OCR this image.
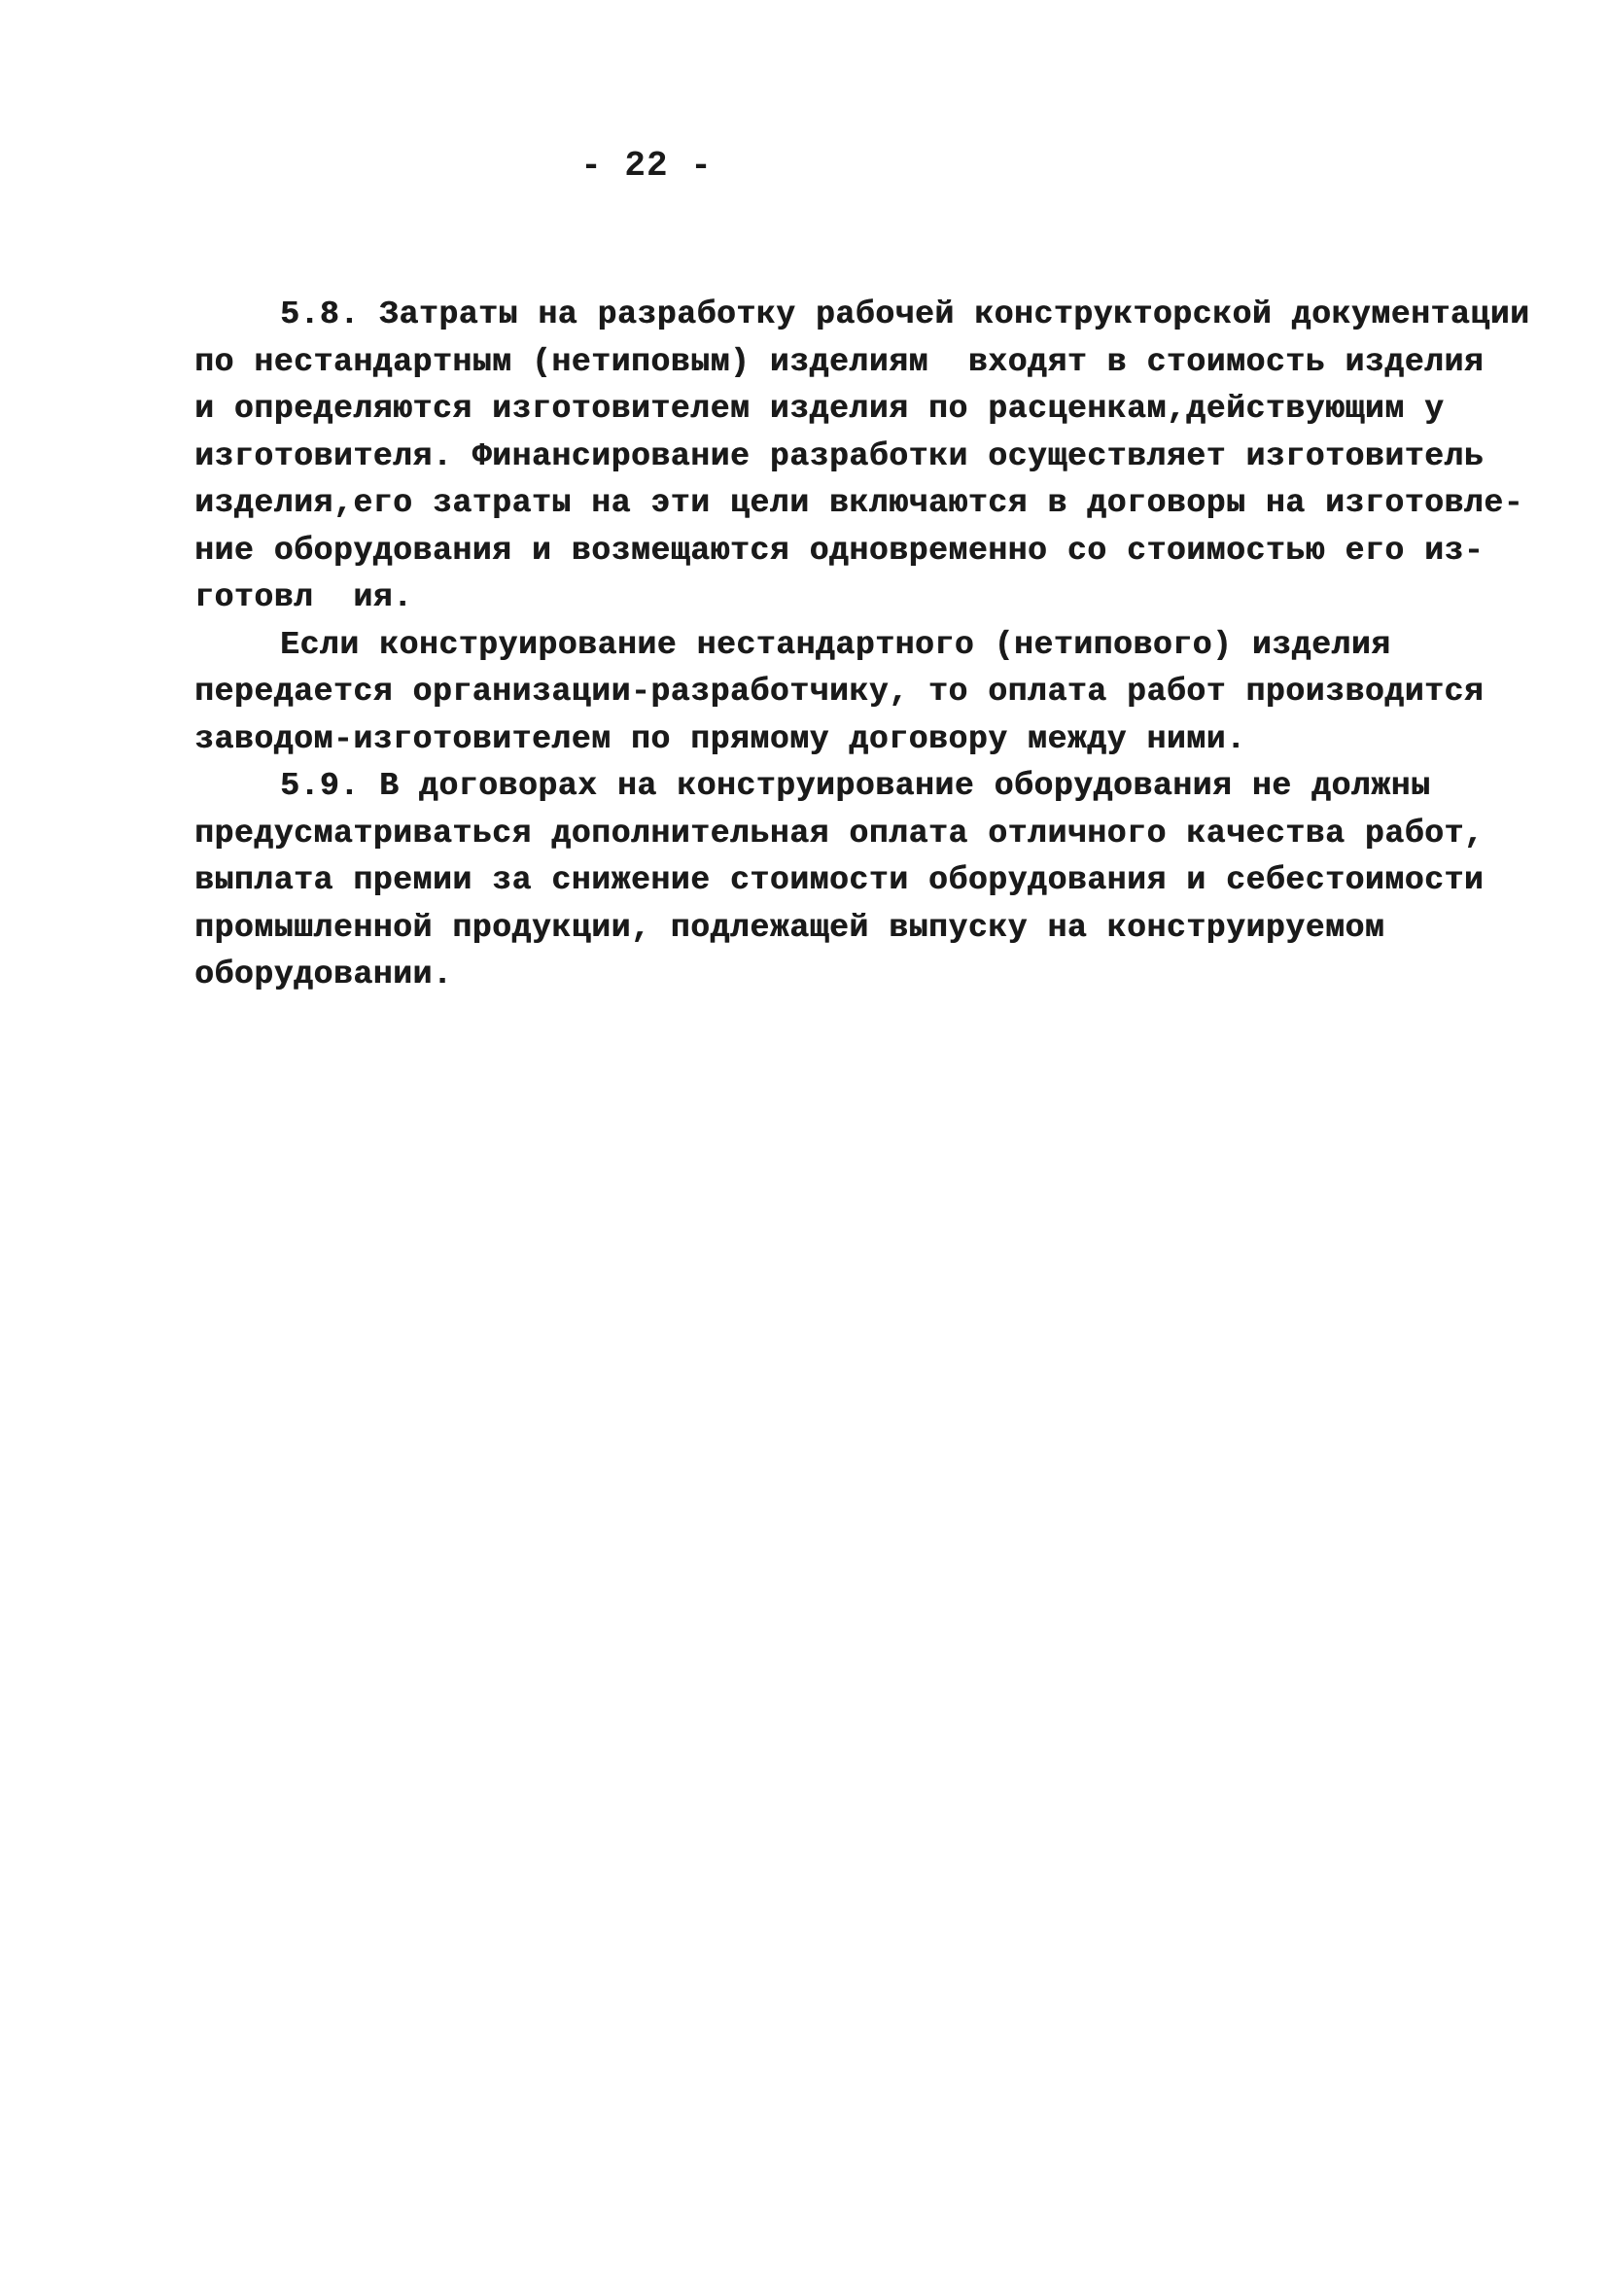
- 22 -
5.8. Затраты на разработку рабочей конструкторской документации
по нестандартным (нетиповым) изделиям  входят в стоимость изделия
и определяются изготовителем изделия по расценкам,действующим у
изготовителя. Финансирование разработки осуществляет изготовитель
изделия,его затраты на эти цели включаются в договоры на изготовле-
ние оборудования и возмещаются одновременно со стоимостью его из-
готовл  ия.
Если конструирование нестандартного (нетипового) изделия
передается организации-разработчику, то оплата работ производится
заводом-изготовителем по прямому договору между ними.
5.9. В договорах на конструирование оборудования не должны
предусматриваться дополнительная оплата отличного качества работ,
выплата премии за снижение стоимости оборудования и себестоимости
промышленной продукции, подлежащей выпуску на конструируемом
оборудовании.
